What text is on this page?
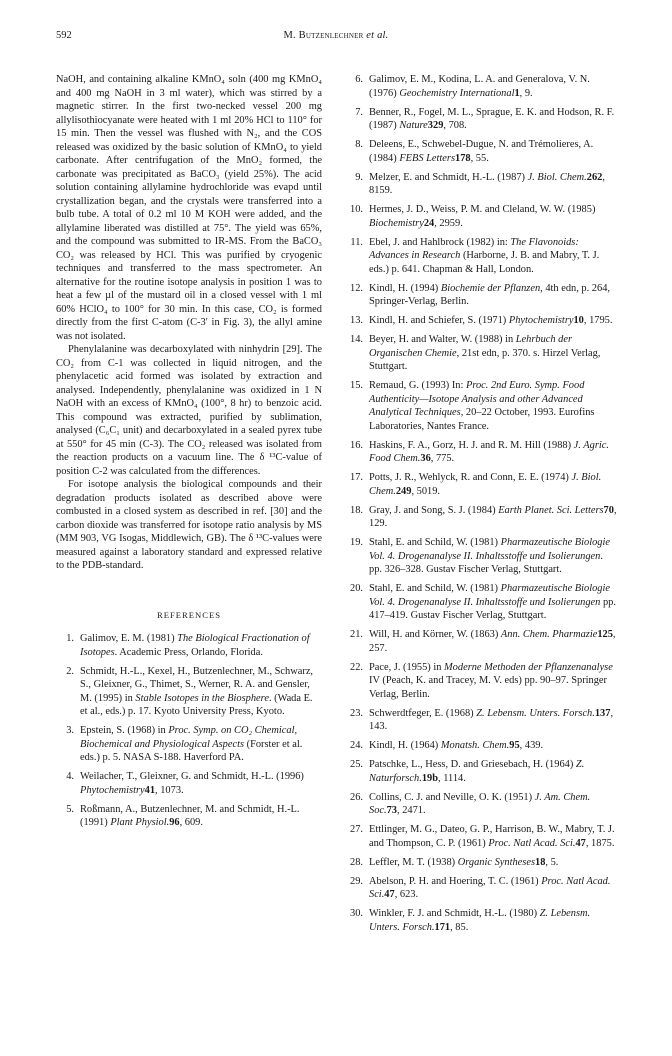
592	M. Butzenlechner et al.

NaOH, and containing alkaline KMnO₄ soln (400 mg KMnO₄ and 400 mg NaOH in 3 ml water), which was stirred by a magnetic stirrer. In the first two-necked vessel 200 mg allylisothiocyanate were heated with 1 ml 20% HCl to 110° for 15 min. Then the vessel was flushed with N₂, and the COS released was oxidized by the basic solution of KMnO₄ to yield carbonate. After centrifugation of the MnO₂ formed, the carbonate was precipitated as BaCO₃ (yield 25%). The acid solution containing allylamine hydrochloride was evapd until crystallization began, and the crystals were transferred into a bulb tube. A total of 0.2 ml 10 M KOH were added, and the allylamine liberated was distilled at 75°. The yield was 65%, and the compound was submitted to IR-MS. From the BaCO₃ CO₂ was released by HCl. This was purified by cryogenic techniques and transferred to the mass spectrometer. An alternative for the routine isotope analysis in position 1 was to heat a few µl of the mustard oil in a closed vessel with 1 ml 60% HClO₄ to 100° for 30 min. In this case, CO₂ is formed directly from the first C-atom (C-3′ in Fig. 3), the allyl amine was not isolated.

Phenylalanine was decarboxylated with ninhydrin [29]. The CO₂ from C-1 was collected in liquid nitrogen, and the phenylacetic acid formed was isolated by extraction and analysed. Independently, phenylalanine was oxidized in 1 N NaOH with an excess of KMnO₄ (100°, 8 hr) to benzoic acid. This compound was extracted, purified by sublimation, analysed (C₆C₁ unit) and decarboxylated in a sealed pyrex tube at 550° for 45 min (C-3). The CO₂ released was isolated from the reaction products on a vacuum line. The δ ¹³C-value of position C-2 was calculated from the differences.

For isotope analysis the biological compounds and their degradation products isolated as described above were combusted in a closed system as described in ref. [30] and the carbon dioxide was transferred for isotope ratio analysis by MS (MM 903, VG Isogas, Middlewich, GB). The δ ¹³C-values were measured against a laboratory standard and expressed relative to the PDB-standard.

REFERENCES
1. Galimov, E. M. (1981) The Biological Fractionation of Isotopes. Academic Press, Orlando, Florida.
2. Schmidt, H.-L., Kexel, H., Butzenlechner, M., Schwarz, S., Gleixner, G., Thimet, S., Werner, R. A. and Gensler, M. (1995) in Stable Isotopes in the Biosphere. (Wada E. et al., eds.) p. 17. Kyoto University Press, Kyoto.
3. Epstein, S. (1968) in Proc. Symp. on CO₂ Chemical, Biochemical and Physiological Aspects (Forster et al. eds.) p. 5. NASA S-188. Haverford PA.
4. Weilacher, T., Gleixner, G. and Schmidt, H.-L. (1996) Phytochemistry41, 1073.
5. Roßmann, A., Butzenlechner, M. and Schmidt, H.-L. (1991) Plant Physiol.96, 609.
6. Galimov, E. M., Kodina, L. A. and Generalova, V. N. (1976) Geochemistry International1, 9.
7. Benner, R., Fogel, M. L., Sprague, E. K. and Hodson, R. F. (1987) Nature329, 708.
8. Deleens, E., Schwebel-Dugue, N. and Trémolieres, A. (1984) FEBS Letters178, 55.
9. Melzer, E. and Schmidt, H.-L. (1987) J. Biol. Chem.262, 8159.
10. Hermes, J. D., Weiss, P. M. and Cleland, W. W. (1985) Biochemistry24, 2959.
11. Ebel, J. and Hahlbrock (1982) in: The Flavonoids: Advances in Research (Harborne, J. B. and Mabry, T. J. eds.) p. 641. Chapman & Hall, London.
12. Kindl, H. (1994) Biochemie der Pflanzen, 4th edn, p. 264, Springer-Verlag, Berlin.
13. Kindl, H. and Schiefer, S. (1971) Phytochemistry10, 1795.
14. Beyer, H. and Walter, W. (1988) in Lehrbuch der Organischen Chemie, 21st edn, p. 370. s. Hirzel Verlag, Stuttgart.
15. Remaud, G. (1993) In: Proc. 2nd Euro. Symp. Food Authenticity—Isotope Analysis and other Advanced Analytical Techniques, 20–22 October, 1993. Eurofins Laboratories, Nantes France.
16. Haskins, F. A., Gorz, H. J. and R. M. Hill (1988) J. Agric. Food Chem.36, 775.
17. Potts, J. R., Wehlyck, R. and Conn, E. E. (1974) J. Biol. Chem.249, 5019.
18. Gray, J. and Song, S. J. (1984) Earth Planet. Sci. Letters70, 129.
19. Stahl, E. and Schild, W. (1981) Pharmazeutische Biologie Vol. 4. Drogenanalyse II. Inhaltsstoffe und Isolierungen. pp. 326–328. Gustav Fischer Verlag, Stuttgart.
20. Stahl, E. and Schild, W. (1981) Pharmazeutische Biologie Vol. 4. Drogenanalyse II. Inhaltsstoffe und Isolierungen pp. 417–419. Gustav Fischer Verlag, Stuttgart.
21. Will, H. and Körner, W. (1863) Ann. Chem. Pharmazie125, 257.
22. Pace, J. (1955) in Moderne Methoden der Pflanzenanalyse IV (Peach, K. and Tracey, M. V. eds) pp. 90–97. Springer Verlag, Berlin.
23. Schwerdtfeger, E. (1968) Z. Lebensm. Unters. Forsch.137, 143.
24. Kindl, H. (1964) Monatsh. Chem.95, 439.
25. Patschke, L., Hess, D. and Griesebach, H. (1964) Z. Naturforsch.19b, 1114.
26. Collins, C. J. and Neville, O. K. (1951) J. Am. Chem. Soc.73, 2471.
27. Ettlinger, M. G., Dateo, G. P., Harrison, B. W., Mabry, T. J. and Thompson, C. P. (1961) Proc. Natl Acad. Sci.47, 1875.
28. Leffler, M. T. (1938) Organic Syntheses18, 5.
29. Abelson, P. H. and Hoering, T. C. (1961) Proc. Natl Acad. Sci.47, 623.
30. Winkler, F. J. and Schmidt, H.-L. (1980) Z. Lebensm. Unters. Forsch.171, 85.
